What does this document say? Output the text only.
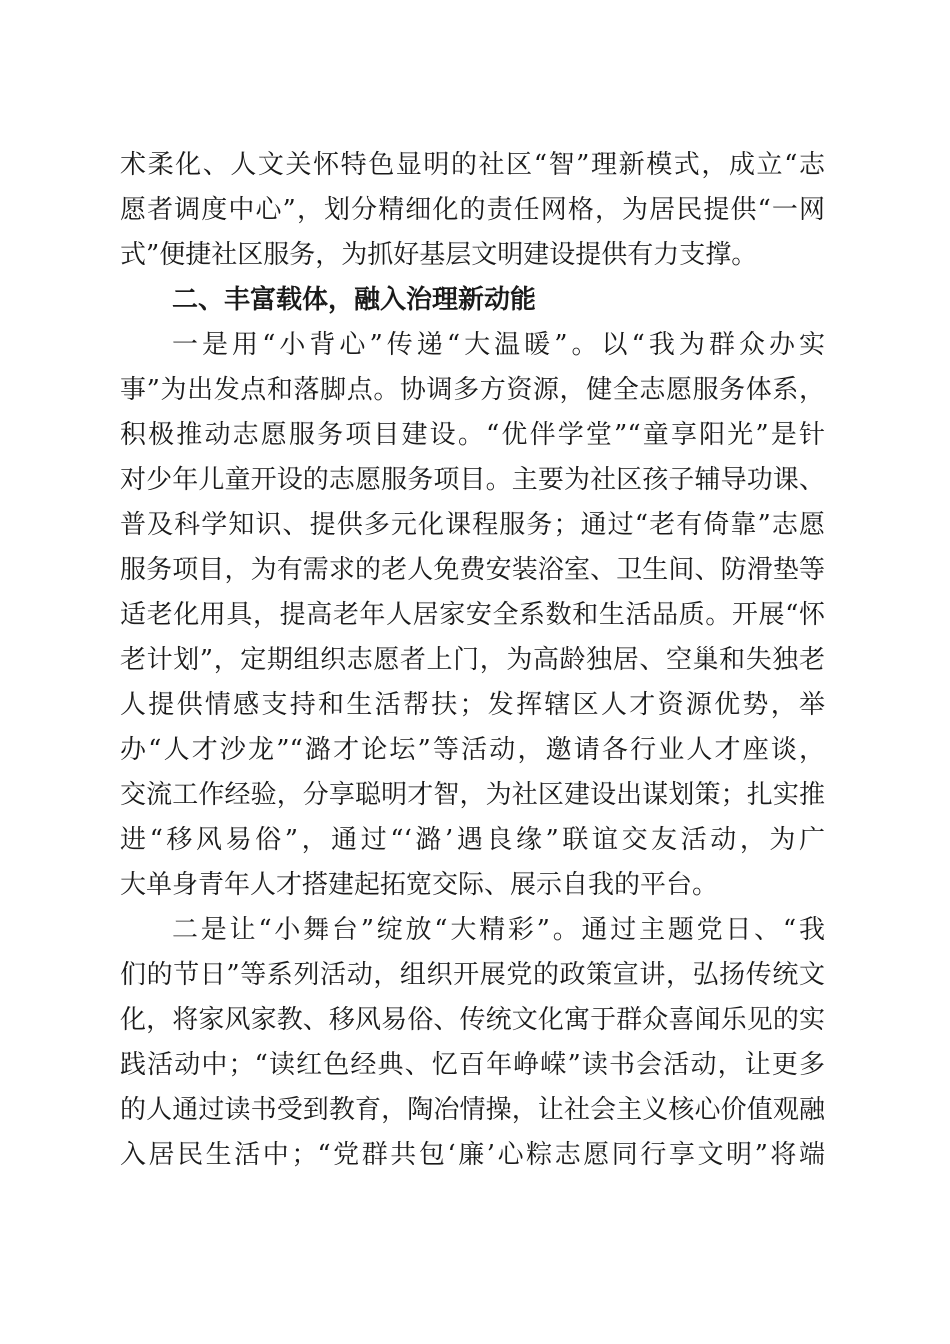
术柔化、人文关怀特色显明的社区“智”理新模式，成立“志
愿者调度中心”，划分精细化的责任网格，为居民提供“一网
式”便捷社区服务，为抓好基层文明建设提供有力支撑。
二、丰富载体，融入治理新动能
一是用“小背心”传递“大温暖”。以“我为群众办实
事”为出发点和落脚点。协调多方资源，健全志愿服务体系，
积极推动志愿服务项目建设。“优伴学堂”“童享阳光”是针
对少年儿童开设的志愿服务项目。主要为社区孩子辅导功课、
普及科学知识、提供多元化课程服务；通过“老有倚靠”志愿
服务项目，为有需求的老人免费安装浴室、卫生间、防滑垫等
适老化用具，提高老年人居家安全系数和生活品质。开展“怀
老计划”，定期组织志愿者上门，为高龄独居、空巢和失独老
人提供情感支持和生活帮扶；发挥辖区人才资源优势，举
办“人才沙龙”“潞才论坛”等活动，邀请各行业人才座谈，
交流工作经验，分享聪明才智，为社区建设出谋划策；扎实推
进“移风易俗”，通过“‘潞’遇良缘”联谊交友活动，为广
大单身青年人才搭建起拓宽交际、展示自我的平台。
二是让“小舞台”绽放“大精彩”。通过主题党日、“我
们的节日”等系列活动，组织开展党的政策宣讲，弘扬传统文
化，将家风家教、移风易俗、传统文化寓于群众喜闻乐见的实
践活动中；“读红色经典、忆百年峥嵘”读书会活动，让更多
的人通过读书受到教育，陶冶情操，让社会主义核心价值观融
入居民生活中；“党群共包‘廉’心粽志愿同行享文明”将端
